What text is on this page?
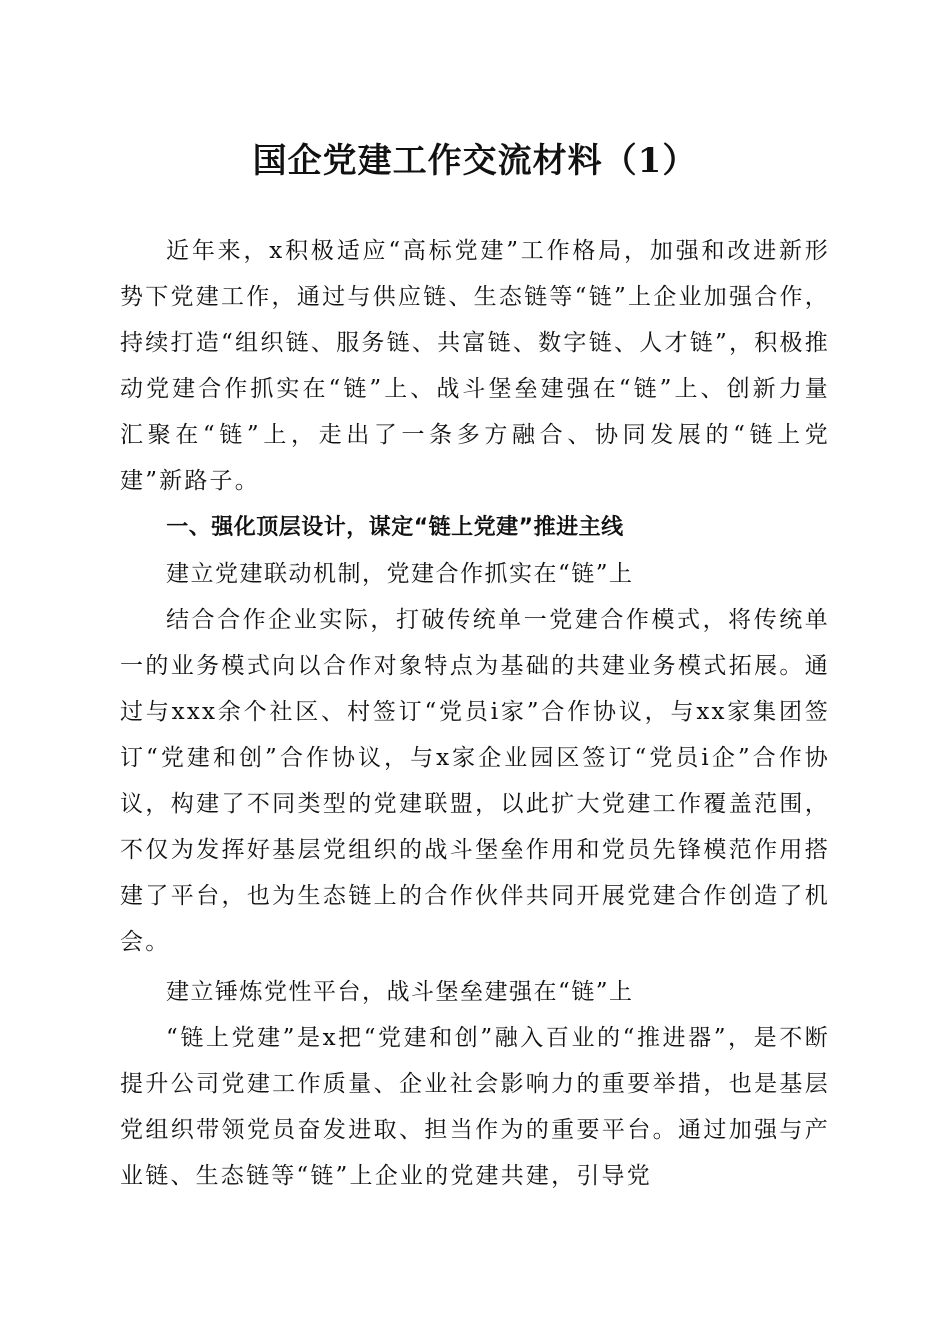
国企党建工作交流材料（1）

近年来，x积极适应“高标党建”工作格局，加强和改进新形势下党建工作，通过与供应链、生态链等“链”上企业加强合作，持续打造“组织链、服务链、共富链、数字链、人才链”，积极推动党建合作抓实在“链”上、战斗堡垒建强在“链”上、创新力量汇聚在“链”上，走出了一条多方融合、协同发展的“链上党建”新路子。

一、强化顶层设计，谋定“链上党建”推进主线

建立党建联动机制，党建合作抓实在“链”上

结合合作企业实际，打破传统单一党建合作模式，将传统单一的业务模式向以合作对象特点为基础的共建业务模式拓展。通过与xxx余个社区、村签订“党员i家”合作协议，与xx家集团签订“党建和创”合作协议，与x家企业园区签订“党员i企”合作协议，构建了不同类型的党建联盟，以此扩大党建工作覆盖范围，不仅为发挥好基层党组织的战斗堡垒作用和党员先锋模范作用搭建了平台，也为生态链上的合作伙伴共同开展党建合作创造了机会。

建立锤炼党性平台，战斗堡垒建强在“链”上

“链上党建”是x把“党建和创”融入百业的“推进器”，是不断提升公司党建工作质量、企业社会影响力的重要举措，也是基层党组织带领党员奋发进取、担当作为的重要平台。通过加强与产业链、生态链等“链”上企业的党建共建，引导党
